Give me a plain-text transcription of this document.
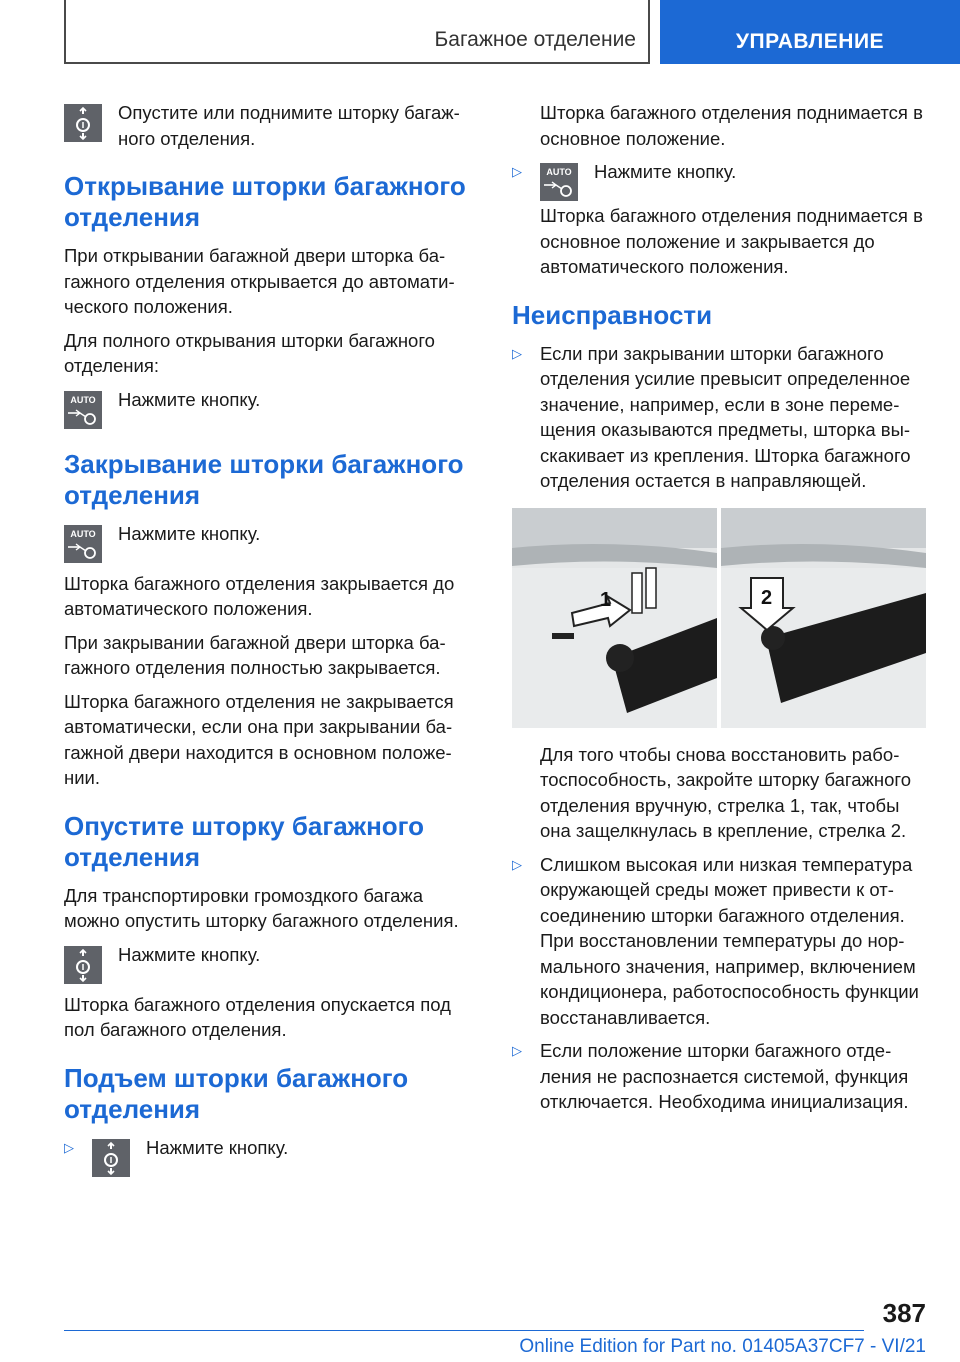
Багажное отделение	УПРАВЛЕНИЕ
Опустите или поднимите шторку багажного отделения.
Открывание шторки багажного отделения

При открывании багажной двери шторка багажного отделения открывается до автоматического положения.

Для полного открывания шторки багажного отделения:

AUTO Нажмите кнопку.
Закрывание шторки багажного отделения
AUTO Нажмите кнопку.

Шторка багажного отделения закрывается до автоматического положения.

При закрывании багажной двери шторка багажного отделения полностью закрывается.

Шторка багажного отделения не закрывается автоматически, если она при закрывании багажной двери находится в основном положении.

Опустите шторку багажного отделения

Для транспортировки громоздкого багажа можно опустить шторку багажного отделения.

Нажмите кнопку.

Шторка багажного отделения опускается под пол багажного отделения.

Подъем шторки багажного отделения
▷	Нажмите кнопку.

Шторка багажного отделения поднимается в основное положение.

▷	AUTO Нажмите кнопку.

Шторка багажного отделения поднимается в основное положение и закрывается до автоматического положения.

Неисправности
▷ Если при закрывании шторки багажного отделения усилие превысит определенное значение, например, если в зоне перемещения оказываются предметы, шторка выскакивает из крепления. Шторка багажного отделения остается в направляющей.
1	2

Для того чтобы снова восстановить работоспособность, закройте шторку багажного отделения вручную, стрелка 1, так, чтобы она защелкнулась в крепление, стрелка 2.

▷ Слишком высокая или низкая температура окружающей среды может привести к отсоединению шторки багажного отделения. При восстановлении температуры до нормального значения, например, включением кондиционера, работоспособность функции восстанавливается.
▷ Если положение шторки багажного отделения не распознается системой, функция отключается. Необходима инициализация.
387
Online Edition for Part no. 01405A37CF7 - VI/21
